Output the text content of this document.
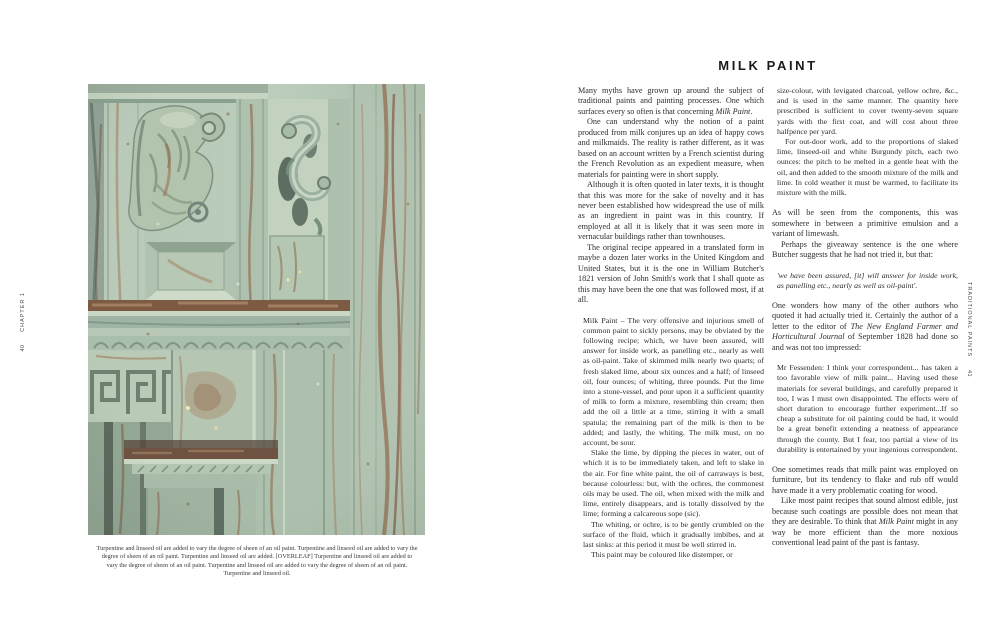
40 CHAPTER 1
Turpentine and linseed oil are added to vary the degree of sheen of an oil paint. Turpentine and linseed oil are added to vary the degree of sheen of an oil paint. Turpentine and linseed oil are added. [OVERLEAF] Turpentine and linseed oil are added to vary the degree of sheen of an oil paint. Turpentine and linseed oil are added to vary the degree of sheen of an oil paint. Turpentine and linseed oil.
MILK PAINT

Many myths have grown up around the subject of traditional paints and painting processes. One which surfaces every so often is that concerning Milk Paint.

One can understand why the notion of a paint produced from milk conjures up an idea of happy cows and milkmaids. The reality is rather different, as it was based on an account written by a French scientist during the French Revolution as an expedient measure, when materials for painting were in short supply.

Although it is often quoted in later texts, it is thought that this was more for the sake of novelty and it has never been established how widespread the use of milk as an ingredient in paint was in this country. If employed at all it is likely that it was seen more in vernacular buildings rather than townhouses.

The original recipe appeared in a translated form in maybe a dozen later works in the United Kingdom and United States, but it is the one in William Butcher's 1821 version of John Smith's work that I shall quote as this may have been the one that was followed most, if at all.

Milk Paint – The very offensive and injurious smell of common paint to sickly persons, may be obviated by the following recipe; which, we have been assured, will answer for inside work, as panelling etc., nearly as well as oil-paint. Take of skimmed milk nearly two quarts; of fresh slaked lime, about six ounces and a half; of linseed oil, four ounces; of whiting, three pounds. Put the lime into a stone-vessel, and pour upon it a sufficient quantity of milk to form a mixture, resembling thin cream; then add the oil a little at a time, stirring it with a small spatula; the remaining part of the milk is then to be added; and lastly, the whiting. The milk must, on no account, be sour.

Slake the lime, by dipping the pieces in water, out of which it is to be immediately taken, and left to slake in the air. For fine white paint, the oil of carraways is best, because colourless: but, with the ochres, the commonest oils may be used. The oil, when mixed with the milk and lime, entirely disappears, and is totally dissolved by the lime; forming a calcareous sope (sic).

The whiting, or ochre, is to be gently crumbled on the surface of the fluid, which it gradually imbibes, and at last sinks: at this period it must be well stirred in.

This paint may be coloured like distemper, or

size-colour, with levigated charcoal, yellow ochre, &c., and is used in the same manner. The quantity here prescribed is sufficient to cover twenty-seven square yards with the first coat, and will cost about three halfpence per yard.

For out-door work, add to the proportions of slaked lime, linseed-oil and white Burgundy pitch, each two ounces: the pitch to be melted in a gentle heat with the oil, and then added to the smooth mixture of the milk and lime. In cold weather it must be warmed, to facilitate its mixture with the milk.

As will be seen from the components, this was somewhere in between a primitive emulsion and a variant of limewash.

Perhaps the giveaway sentence is the one where Butcher suggests that he had not tried it, but that:

'we have been assured, [it] will answer for inside work, as panelling etc., nearly as well as oil-paint'.

One wonders how many of the other authors who quoted it had actually tried it. Certainly the author of a letter to the editor of The New England Farmer and Horticultural Journal of September 1828 had done so and was not too impressed:

Mr Fessenden: I think your correspondent... has taken a too favorable view of milk paint... Having used these materials for several buildings, and carefully prepared it too, I was I must own disappointed. The effects were of short duration to encourage further experiment...If so cheap a substitute for oil painting could be had, it would be a great benefit extending a neatness of appearance through the county. But I fear, too partial a view of its durability is entertained by your ingenious correspondent.

One sometimes reads that milk paint was employed on furniture, but its tendency to flake and rub off would have made it a very problematic coating for wood.

Like most paint recipes that sound almost edible, just because such coatings are possible does not mean that they are desirable. To think that Milk Paint might in any way be more efficient than the more noxious conventional lead paint of the past is fantasy.

TRADITIONAL PAINTS 41
